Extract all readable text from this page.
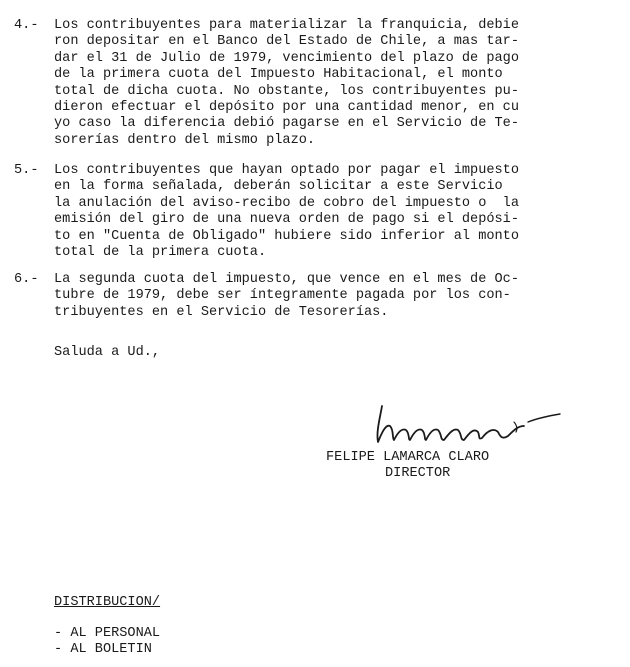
4.-	Los contribuyentes para materializar la franquicia, debie
ron depositar en el Banco del Estado de Chile, a mas tar-
dar el 31 de Julio de 1979, vencimiento del plazo de pago
de la primera cuota del Impuesto Habitacional, el monto
total de dicha cuota. No obstante, los contribuyentes pu-
dieron efectuar el depósito por una cantidad menor, en cu
yo caso la diferencia debió pagarse en el Servicio de Te-
sorerías dentro del mismo plazo.
5.-	Los contribuyentes que hayan optado por pagar el impuesto
en la forma señalada, deberán solicitar a este Servicio
la anulación del aviso-recibo de cobro del impuesto o  la
emisión del giro de una nueva orden de pago si el depósi-
to en "Cuenta de Obligado" hubiere sido inferior al monto
total de la primera cuota.
6.-	La segunda cuota del impuesto, que vence en el mes de Oc-
tubre de 1979, debe ser íntegramente pagada por los con-
tribuyentes en el Servicio de Tesorerías.
Saluda a Ud.,
FELIPE LAMARCA CLARO
DIRECTOR
DISTRIBUCION/
- AL PERSONAL
- AL BOLETIN
